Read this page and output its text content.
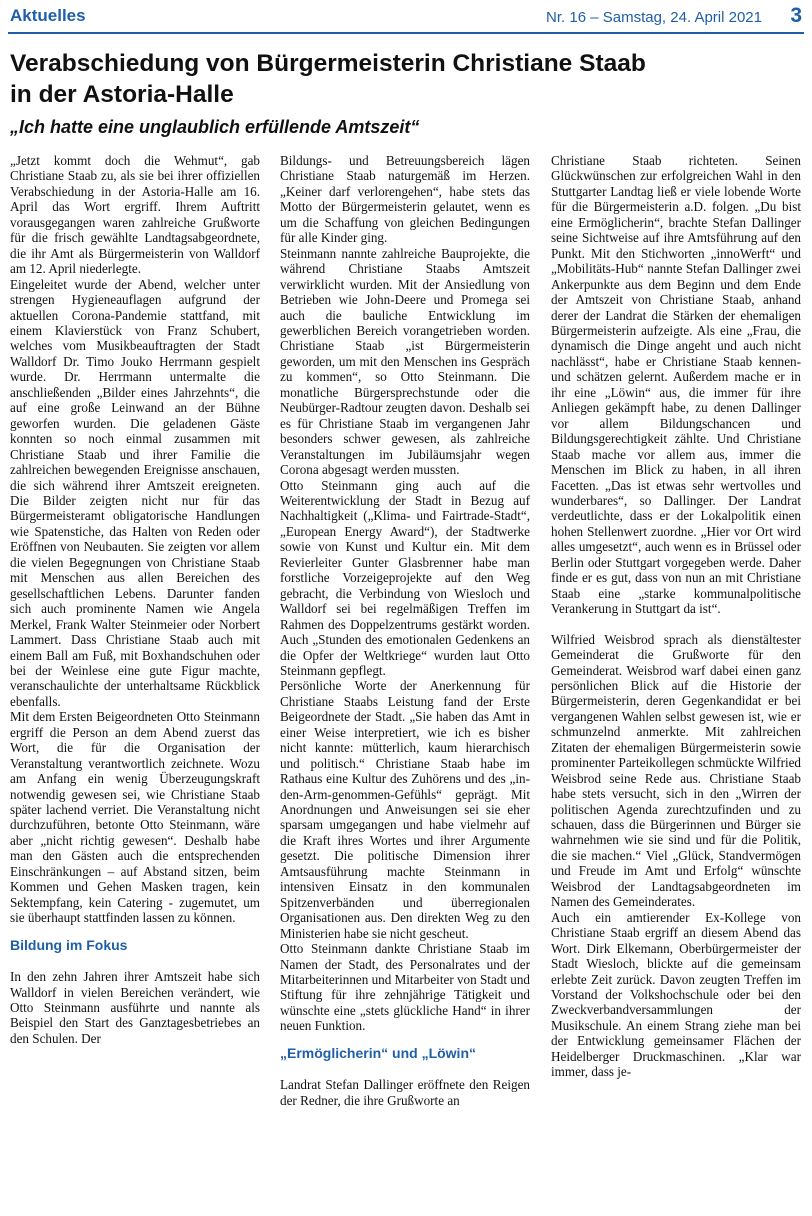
Aktuelles	Nr. 16 – Samstag, 24. April 2021 3
Verabschiedung von Bürgermeisterin Christiane Staab
in der Astoria-Halle
„Ich hatte eine unglaublich erfüllende Amtszeit“

„Jetzt kommt doch die Wehmut“, gab Christiane Staab zu, als sie bei ihrer offiziellen Verabschiedung in der Astoria-Halle am 16. April das Wort ergriff. Ihrem Auftritt vorausgegangen waren zahlreiche Grußworte für die frisch gewählte Landtagsabgeordnete, die ihr Amt als Bürgermeisterin von Walldorf am 12. April niederlegte.

Eingeleitet wurde der Abend, welcher unter strengen Hygieneauflagen aufgrund der aktuellen Corona-Pandemie stattfand, mit einem Klavierstück von Franz Schubert, welches vom Musikbeauftragten der Stadt Walldorf Dr. Timo Jouko Herrmann gespielt wurde. Dr. Herrmann untermalte die anschließenden „Bilder eines Jahrzehnts“, die auf eine große Leinwand an der Bühne geworfen wurden. Die geladenen Gäste konnten so noch einmal zusammen mit Christiane Staab und ihrer Familie die zahlreichen bewegenden Ereignisse anschauen, die sich während ihrer Amtszeit ereigneten. Die Bilder zeigten nicht nur für das Bürgermeisteramt obligatorische Handlungen wie Spatenstiche, das Halten von Reden oder Eröffnen von Neubauten. Sie zeigten vor allem die vielen Begegnungen von Christiane Staab mit Menschen aus allen Bereichen des gesellschaftlichen Lebens. Darunter fanden sich auch prominente Namen wie Angela Merkel, Frank Walter Steinmeier oder Norbert Lammert. Dass Christiane Staab auch mit einem Ball am Fuß, mit Boxhandschuhen oder bei der Weinlese eine gute Figur machte, veranschaulichte der unterhaltsame Rückblick ebenfalls.

Mit dem Ersten Beigeordneten Otto Steinmann ergriff die Person an dem Abend zuerst das Wort, die für die Organisation der Veranstaltung verantwortlich zeichnete. Wozu am Anfang ein wenig Überzeugungskraft notwendig gewesen sei, wie Christiane Staab später lachend verriet. Die Veranstaltung nicht durchzuführen, betonte Otto Steinmann, wäre aber „nicht richtig gewesen“. Deshalb habe man den Gästen auch die entsprechenden Einschränkungen – auf Abstand sitzen, beim Kommen und Gehen Masken tragen, kein Sektempfang, kein Catering - zugemutet, um sie überhaupt stattfinden lassen zu können.

Bildung im Fokus

In den zehn Jahren ihrer Amtszeit habe sich Walldorf in vielen Bereichen verändert, wie Otto Steinmann ausführte und nannte als Beispiel den Start des Ganztagesbetriebes an den Schulen. Der

Bildungs- und Betreuungsbereich lägen Christiane Staab naturgemäß im Herzen. „Keiner darf verlorengehen“, habe stets das Motto der Bürgermeisterin gelautet, wenn es um die Schaffung von gleichen Bedingungen für alle Kinder ging.

Steinmann nannte zahlreiche Bauprojekte, die während Christiane Staabs Amtszeit verwirklicht wurden. Mit der Ansiedlung von Betrieben wie John-Deere und Promega sei auch die bauliche Entwicklung im gewerblichen Bereich vorangetrieben worden. Christiane Staab „ist Bürgermeisterin geworden, um mit den Menschen ins Gespräch zu kommen“, so Otto Steinmann. Die monatliche Bürgersprechstunde oder die Neubürger-Radtour zeugten davon. Deshalb sei es für Christiane Staab im vergangenen Jahr besonders schwer gewesen, als zahlreiche Veranstaltungen im Jubiläumsjahr wegen Corona abgesagt werden mussten.

Otto Steinmann ging auch auf die Weiterentwicklung der Stadt in Bezug auf Nachhaltigkeit („Klima- und Fairtrade-Stadt“, „European Energy Award“), der Stadtwerke sowie von Kunst und Kultur ein. Mit dem Revierleiter Gunter Glasbrenner habe man forstliche Vorzeigeprojekte auf den Weg gebracht, die Verbindung von Wiesloch und Walldorf sei bei regelmäßigen Treffen im Rahmen des Doppelzentrums gestärkt worden. Auch „Stunden des emotionalen Gedenkens an die Opfer der Weltkriege“ wurden laut Otto Steinmann gepflegt.

Persönliche Worte der Anerkennung für Christiane Staabs Leistung fand der Erste Beigeordnete der Stadt. „Sie haben das Amt in einer Weise interpretiert, wie ich es bisher nicht kannte: mütterlich, kaum hierarchisch und politisch.“ Christiane Staab habe im Rathaus eine Kultur des Zuhörens und des „in-den-Arm-genommen-Gefühls“ geprägt. Mit Anordnungen und Anweisungen sei sie eher sparsam umgegangen und habe vielmehr auf die Kraft ihres Wortes und ihrer Argumente gesetzt. Die politische Dimension ihrer Amtsausführung machte Steinmann in intensiven Einsatz in den kommunalen Spitzenverbänden und überregionalen Organisationen aus. Den direkten Weg zu den Ministerien habe sie nicht gescheut.

Otto Steinmann dankte Christiane Staab im Namen der Stadt, des Personalrates und der Mitarbeiterinnen und Mitarbeiter von Stadt und Stiftung für ihre zehnjährige Tätigkeit und wünschte eine „stets glückliche Hand“ in ihrer neuen Funktion.

„Ermöglicherin“ und „Löwin“

Landrat Stefan Dallinger eröffnete den Reigen der Redner, die ihre Grußworte an

Christiane Staab richteten. Seinen Glückwünschen zur erfolgreichen Wahl in den Stuttgarter Landtag ließ er viele lobende Worte für die Bürgermeisterin a.D. folgen. „Du bist eine Ermöglicherin“, brachte Stefan Dallinger seine Sichtweise auf ihre Amtsführung auf den Punkt. Mit den Stichworten „innoWerft“ und „Mobilitäts-Hub“ nannte Stefan Dallinger zwei Ankerpunkte aus dem Beginn und dem Ende der Amtszeit von Christiane Staab, anhand derer der Landrat die Stärken der ehemaligen Bürgermeisterin aufzeigte. Als eine „Frau, die dynamisch die Dinge angeht und auch nicht nachlässt“, habe er Christiane Staab kennen- und schätzen gelernt. Außerdem mache er in ihr eine „Löwin“ aus, die immer für ihre Anliegen gekämpft habe, zu denen Dallinger vor allem Bildungschancen und Bildungsgerechtigkeit zählte. Und Christiane Staab mache vor allem aus, immer die Menschen im Blick zu haben, in all ihren Facetten. „Das ist etwas sehr wertvolles und wunderbares“, so Dallinger. Der Landrat verdeutlichte, dass er der Lokalpolitik einen hohen Stellenwert zuordne. „Hier vor Ort wird alles umgesetzt“, auch wenn es in Brüssel oder Berlin oder Stuttgart vorgegeben werde. Daher finde er es gut, dass von nun an mit Christiane Staab eine „starke kommunalpolitische Verankerung in Stuttgart da ist“.

Wilfried Weisbrod sprach als dienstältester Gemeinderat die Grußworte für den Gemeinderat. Weisbrod warf dabei einen ganz persönlichen Blick auf die Historie der Bürgermeisterin, deren Gegenkandidat er bei vergangenen Wahlen selbst gewesen ist, wie er schmunzelnd anmerkte. Mit zahlreichen Zitaten der ehemaligen Bürgermeisterin sowie prominenter Parteikollegen schmückte Wilfried Weisbrod seine Rede aus. Christiane Staab habe stets versucht, sich in den „Wirren der politischen Agenda zurechtzufinden und zu schauen, dass die Bürgerinnen und Bürger sie wahrnehmen wie sie sind und für die Politik, die sie machen.“ Viel „Glück, Standvermögen und Freude im Amt und Erfolg“ wünschte Weisbrod der Landtagsabgeordneten im Namen des Gemeinderates.

Auch ein amtierender Ex-Kollege von Christiane Staab ergriff an diesem Abend das Wort. Dirk Elkemann, Oberbürgermeister der Stadt Wiesloch, blickte auf die gemeinsam erlebte Zeit zurück. Davon zeugten Treffen im Vorstand der Volkshochschule oder bei den Zweckverbandversammlungen der Musikschule. An einem Strang ziehe man bei der Entwicklung gemeinsamer Flächen der Heidelberger Druckmaschinen. „Klar war immer, dass je-
